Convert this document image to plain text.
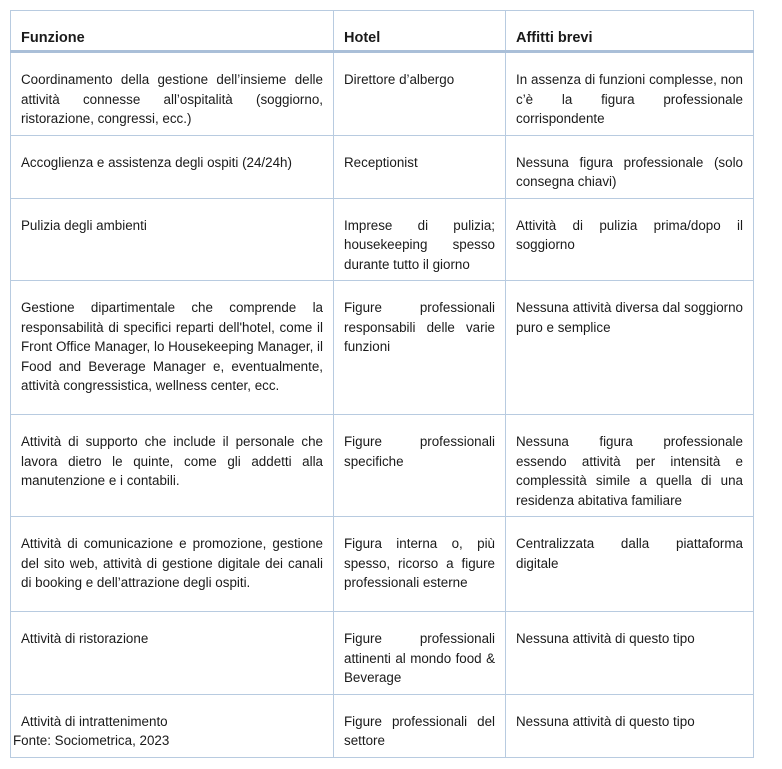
Funzione	Hotel	Affitti brevi
Coordinamento della gestione dell’insieme delle attività connesse all’ospitalità (soggiorno, ristorazione, congressi, ecc.)	Direttore d’albergo	In assenza di funzioni complesse, non c’è la figura professionale corrispondente
Accoglienza e assistenza degli ospiti (24/24h)	Receptionist	Nessuna figura professionale (solo consegna chiavi)
Pulizia degli ambienti	Imprese di pulizia; housekeeping spesso durante tutto il giorno	Attività di pulizia prima/dopo il soggiorno
Gestione dipartimentale che comprende la responsabilità di specifici reparti dell'hotel, come il Front Office Manager, lo Housekeeping Manager, il Food and Beverage Manager e, eventualmente, attività congressistica, wellness center, ecc.	Figure professionali responsabili delle varie funzioni	Nessuna attività diversa dal soggiorno puro e semplice
Attività di supporto che include il personale che lavora dietro le quinte, come gli addetti alla manutenzione e i contabili.	Figure professionali specifiche	Nessuna figura professionale essendo attività per intensità e complessità simile a quella di una residenza abitativa familiare
Attività di comunicazione e promozione, gestione del sito web, attività di gestione digitale dei canali di booking e dell’attrazione degli ospiti.	Figura interna o, più spesso, ricorso a figure professionali esterne	Centralizzata dalla piattaforma digitale
Attività di ristorazione	Figure professionali attinenti al mondo food & Beverage	Nessuna attività di questo tipo
Attività di intrattenimento	Figure professionali del settore	Nessuna attività di questo tipo
Fonte: Sociometrica, 2023
